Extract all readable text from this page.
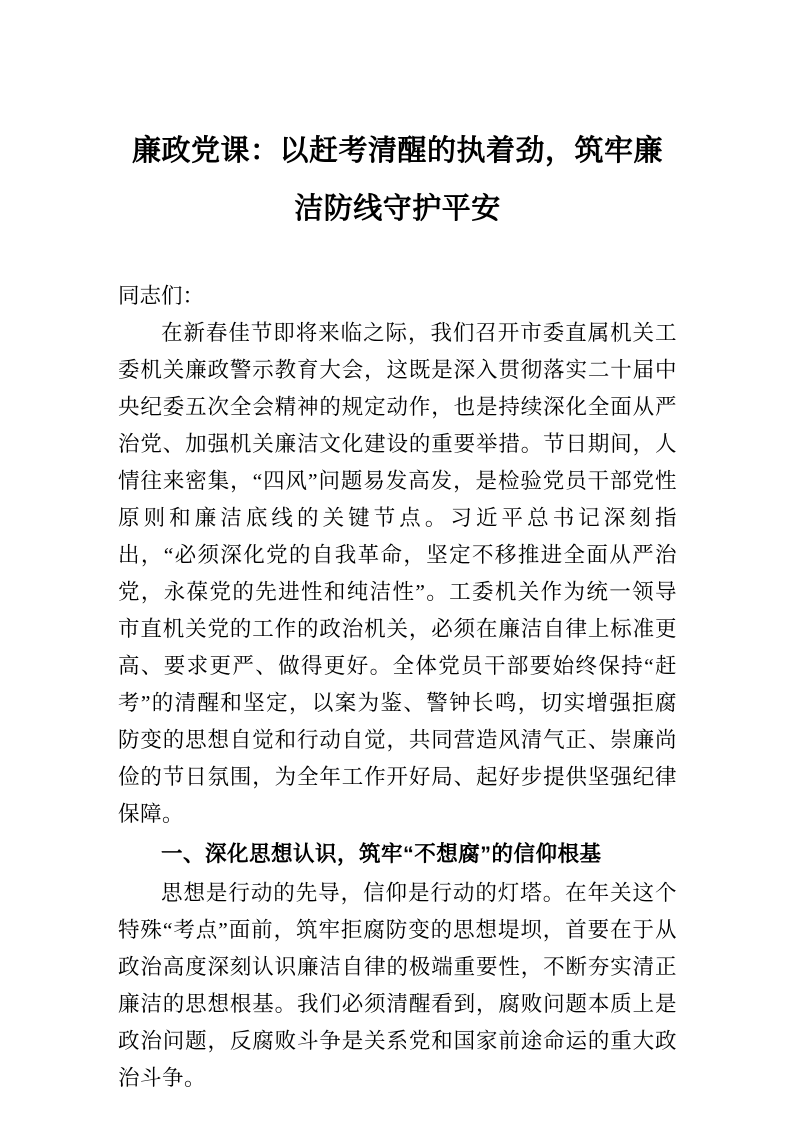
廉政党课：以赶考清醒的执着劲，筑牢廉洁防线守护平安

同志们：

在新春佳节即将来临之际，我们召开市委直属机关工委机关廉政警示教育大会，这既是深入贯彻落实二十届中央纪委五次全会精神的规定动作，也是持续深化全面从严治党、加强机关廉洁文化建设的重要举措。节日期间，人情往来密集，“四风”问题易发高发，是检验党员干部党性原则和廉洁底线的关键节点。习近平总书记深刻指出，“必须深化党的自我革命，坚定不移推进全面从严治党，永葆党的先进性和纯洁性”。工委机关作为统一领导市直机关党的工作的政治机关，必须在廉洁自律上标准更高、要求更严、做得更好。全体党员干部要始终保持“赶考”的清醒和坚定，以案为鉴、警钟长鸣，切实增强拒腐防变的思想自觉和行动自觉，共同营造风清气正、崇廉尚俭的节日氛围，为全年工作开好局、起好步提供坚强纪律保障。

一、深化思想认识，筑牢“不想腐”的信仰根基

思想是行动的先导，信仰是行动的灯塔。在年关这个特殊“考点”面前，筑牢拒腐防变的思想堤坝，首要在于从政治高度深刻认识廉洁自律的极端重要性，不断夯实清正廉洁的思想根基。我们必须清醒看到，腐败问题本质上是政治问题，反腐败斗争是关系党和国家前途命运的重大政治斗争。
